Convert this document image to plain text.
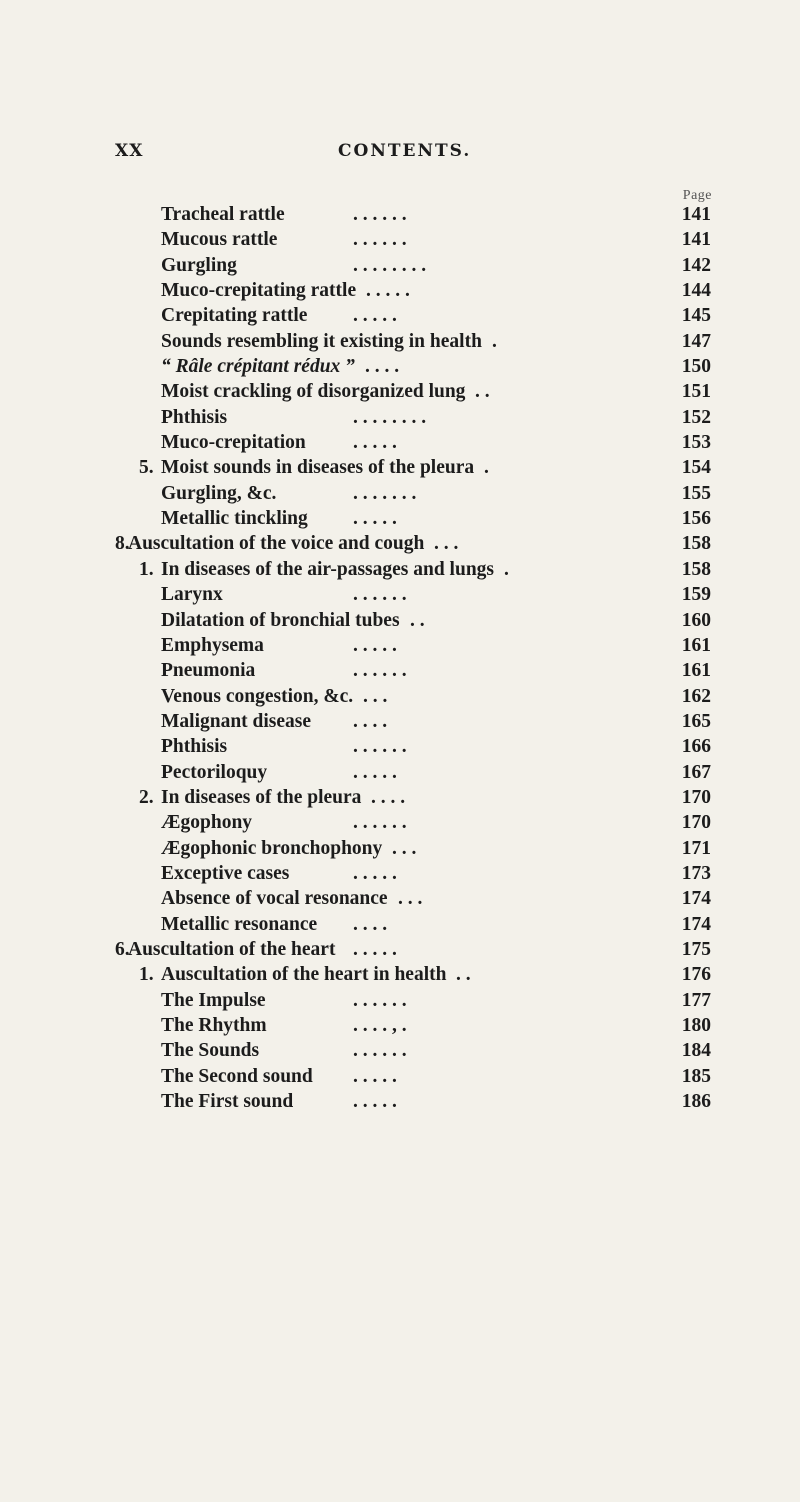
XX	CONTENTS.
Page
Tracheal rattle	. . . . . .	141
Mucous rattle	. . . . . .	141
Gurgling	. . . . . . . .	142
Muco-crepitating rattle . . . . .	144
Crepitating rattle . . . . .	145
Sounds resembling it existing in health .	147
“ Râle crépitant rédux ” . . . .	150
Moist crackling of disorganized lung . .	151
Phthisis	. . . . . . . .	152
Muco-crepitation . . . . .	153
5. Moist sounds in diseases of the pleura .	154
Gurgling, &c.	. . . . . . .	155
Metallic tinckling . . . . .	156
8.Auscultation of the voice and cough . . .	158
1. In diseases of the air-passages and lungs .	158
Larynx	. . . . . .	159
Dilatation of bronchial tubes . .	160
Emphysema	. . . . .	161
Pneumonia	. . . . . .	161
Venous congestion, &c. . . .	162
Malignant disease . . . .	165
Phthisis	. . . . . .	166
Pectoriloquy	. . . . .	167
2. In diseases of the pleura . . . .	170
Ægophony	. . . . . .	170
Ægophonic bronchophony . . .	171
Exceptive cases	. . . . .	173
Absence of vocal resonance . . .	174
Metallic resonance . . . .	174
6.Auscultation of the heart . . . . .	175
1. Auscultation of the heart in health . .	176
The Impulse	. . . . . .	177
The Rhythm	. . . . , .	180
The Sounds	. . . . . .	184
The Second sound . . . . .	185
The First sound	. . . . .	186
